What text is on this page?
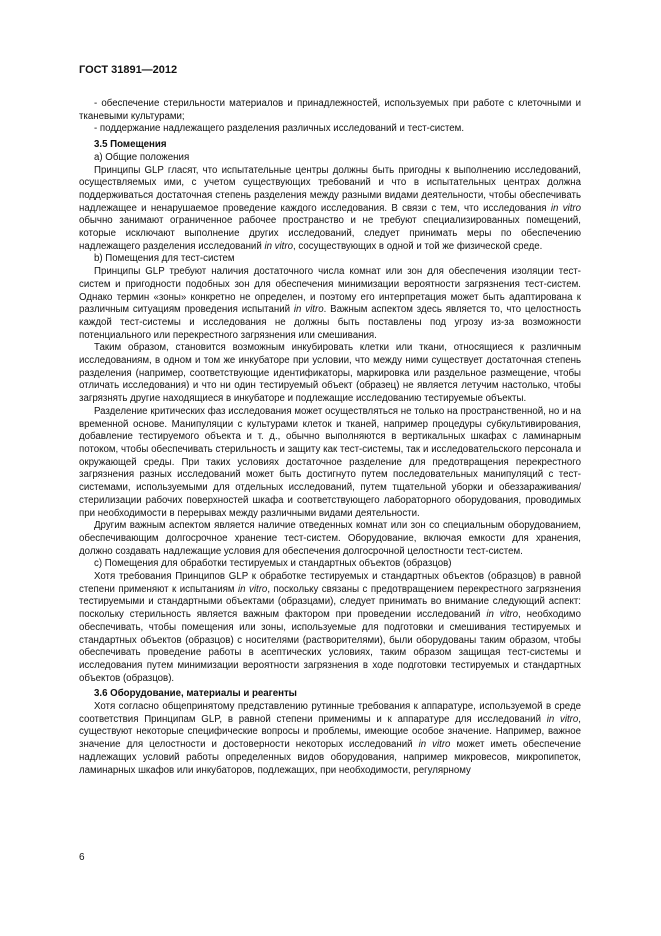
ГОСТ 31891—2012

- обеспечение стерильности материалов и принадлежностей, используемых при работе с клеточными и тканевыми культурами;

- поддержание надлежащего разделения различных исследований и тест-систем.

3.5 Помещения

а) Общие положения

Принципы GLP гласят, что испытательные центры должны быть пригодны к выполнению исследований, осуществляемых ими, с учетом существующих требований и что в испытательных центрах должна поддерживаться достаточная степень разделения между разными видами деятельности, чтобы обеспечивать надлежащее и ненарушаемое проведение каждого исследования. В связи с тем, что исследования in vitro обычно занимают ограниченное рабочее пространство и не требуют специализированных помещений, которые исключают выполнение других исследований, следует принимать меры по обеспечению надлежащего разделения исследований in vitro, сосуществующих в одной и той же физической среде.

b) Помещения для тест-систем

Принципы GLP требуют наличия достаточного числа комнат или зон для обеспечения изоляции тест-систем и пригодности подобных зон для обеспечения минимизации вероятности загрязнения тест-систем. Однако термин «зоны» конкретно не определен, и поэтому его интерпретация может быть адаптирована к различным ситуациям проведения испытаний in vitro. Важным аспектом здесь является то, что целостность каждой тест-системы и исследования не должны быть поставлены под угрозу из-за возможности потенциального или перекрестного загрязнения или смешивания.

Таким образом, становится возможным инкубировать клетки или ткани, относящиеся к различным исследованиям, в одном и том же инкубаторе при условии, что между ними существует достаточная степень разделения (например, соответствующие идентификаторы, маркировка или раздельное размещение, чтобы отличать исследования) и что ни один тестируемый объект (образец) не является летучим настолько, чтобы загрязнять другие находящиеся в инкубаторе и подлежащие исследованию тестируемые объекты.

Разделение критических фаз исследования может осуществляться не только на пространственной, но и на временной основе. Манипуляции с культурами клеток и тканей, например процедуры субкультивирования, добавление тестируемого объекта и т. д., обычно выполняются в вертикальных шкафах с ламинарным потоком, чтобы обеспечивать стерильность и защиту как тест-системы, так и исследовательского персонала и окружающей среды. При таких условиях достаточное разделение для предотвращения перекрестного загрязнения разных исследований может быть достигнуто путем последовательных манипуляций с тест-системами, используемыми для отдельных исследований, путем тщательной уборки и обеззараживания/стерилизации рабочих поверхностей шкафа и соответствующего лабораторного оборудования, проводимых при необходимости в перерывах между различными видами деятельности.

Другим важным аспектом является наличие отведенных комнат или зон со специальным оборудованием, обеспечивающим долгосрочное хранение тест-систем. Оборудование, включая емкости для хранения, должно создавать надлежащие условия для обеспечения долгосрочной целостности тест-систем.

с) Помещения для обработки тестируемых и стандартных объектов (образцов)

Хотя требования Принципов GLP к обработке тестируемых и стандартных объектов (образцов) в равной степени применяют к испытаниям in vitro, поскольку связаны с предотвращением перекрестного загрязнения тестируемыми и стандартными объектами (образцами), следует принимать во внимание следующий аспект: поскольку стерильность является важным фактором при проведении исследований in vitro, необходимо обеспечивать, чтобы помещения или зоны, используемые для подготовки и смешивания тестируемых и стандартных объектов (образцов) с носителями (растворителями), были оборудованы таким образом, чтобы обеспечивать проведение работы в асептических условиях, таким образом защищая тест-системы и исследования путем минимизации вероятности загрязнения в ходе подготовки тестируемых и стандартных объектов (образцов).

3.6 Оборудование, материалы и реагенты

Хотя согласно общепринятому представлению рутинные требования к аппаратуре, используемой в среде соответствия Принципам GLP, в равной степени применимы и к аппаратуре для исследований in vitro, существуют некоторые специфические вопросы и проблемы, имеющие особое значение. Например, важное значение для целостности и достоверности некоторых исследований in vitro может иметь обеспечение надлежащих условий работы определенных видов оборудования, например микровесов, микропипеток, ламинарных шкафов или инкубаторов, подлежащих, при необходимости, регулярному

6
